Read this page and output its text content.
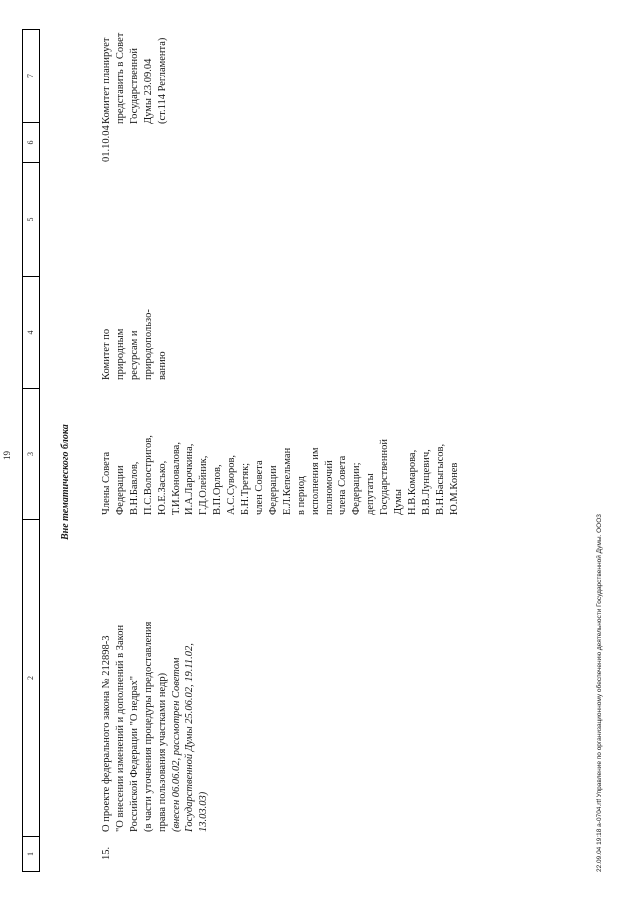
19
1
2
3
4
5
6
7
Вне тематического блока
15.
О проекте федерального закона № 212898-3 "О внесении изменений и дополнений в Закон Российской Федерации "О недрах" (в части уточнения процедуры предоставления права пользования участками недр) (внесен 06.06.02, рассмотрен Советом Государственной Думы 25.06.02, 19.11.02, 13.03.03)
Члены Совета Федерации В.Н.Бавлов, П.С.Волостригов, Ю.Е.Засько, Т.И.Коновалова, И.А.Ларочкина, Г.Д.Олейник, В.П.Орлов, А.С.Суворов, Б.Н.Третяк; член Совета Федерации Е.Л.Кепельман в период исполнения им полномочий члена Совета Федерации; депутаты Государственной Думы Н.В.Комарова, В.В.Лунцевич, В.Н.Басыгысов, Ю.М.Конев
Комитет по природным ресурсам и природопользо- ванию
01.10.04
Комитет планирует представить в Совет Государственной Думы 23.09.04 (ст.114 Регламента)
22.09.04 19:18 а-0704.rtf Управление по организационному обеспечению деятельности Государственной Думы. ООО3
